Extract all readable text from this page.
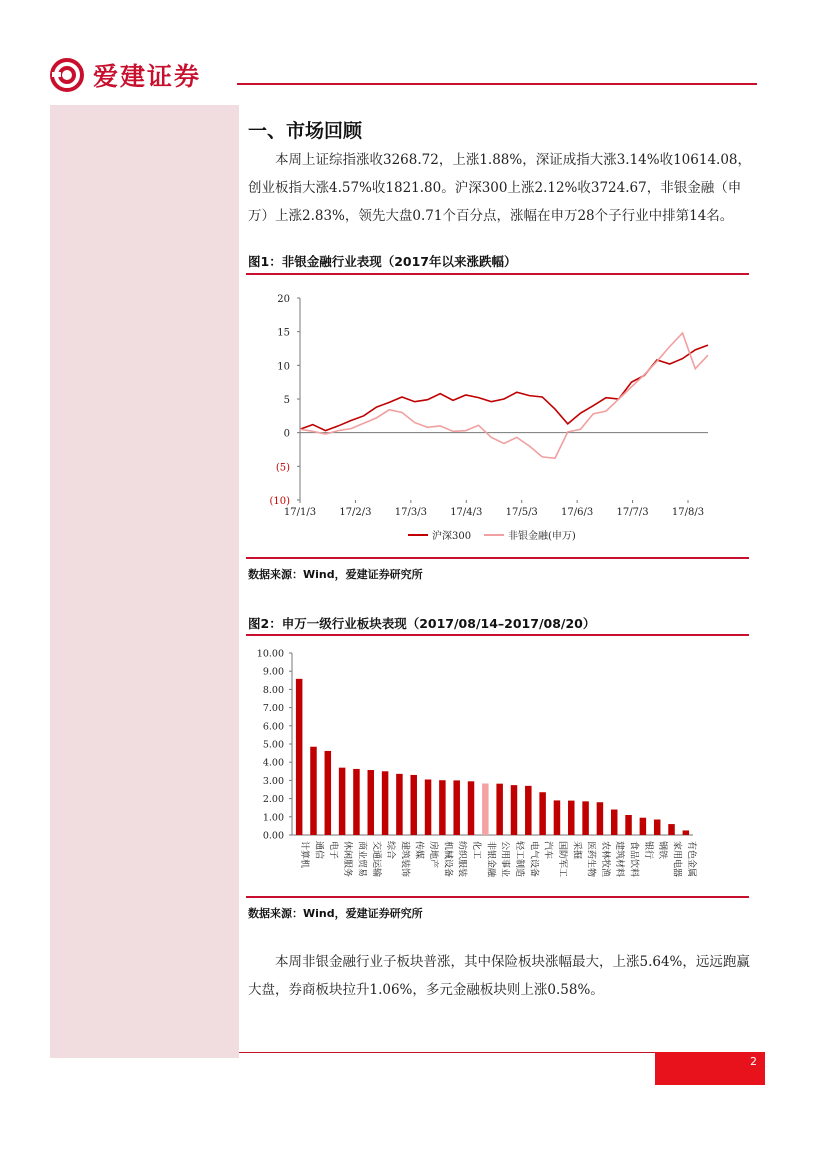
爱建证券
一、市场回顾
本周上证综指涨收3268.72，上涨1.88%，深证成指大涨3.14%收10614.08，创业板指大涨4.57%收1821.80。沪深300上涨2.12%收3724.67，非银金融（申万）上涨2.83%，领先大盘0.71个百分点，涨幅在申万28个子行业中排第14名。
图1：非银金融行业表现（2017年以来涨跌幅）
20
15
10
5
0
(5)
(10)
17/1/3 17/2/3 17/3/3 17/4/3 17/5/3 17/6/3 17/7/3 17/8/3
沪深300	非银金融(申万)
数据来源：Wind，爱建证券研究所
图2：申万一级行业板块表现（2017/08/14–2017/08/20）
10.00
9.00
8.00
7.00
6.00
5.00
4.00
3.00
2.00
1.00
0.00
计算机 通信 电子 休闲服务 商业贸易 交通运输 综合 建筑装饰 传媒 房地产 机械设备 纺织服装 化工 非银金融 公用事业 轻工制造 电气设备 汽车 国防军工 采掘 医药生物 农林牧渔 建筑材料 食品饮料 银行 钢铁 家用电器 有色金属
数据来源：Wind，爱建证券研究所
本周非银金融行业子板块普涨，其中保险板块涨幅最大，上涨5.64%，远远跑赢大盘，券商板块拉升1.06%，多元金融板块则上涨0.58%。
2
